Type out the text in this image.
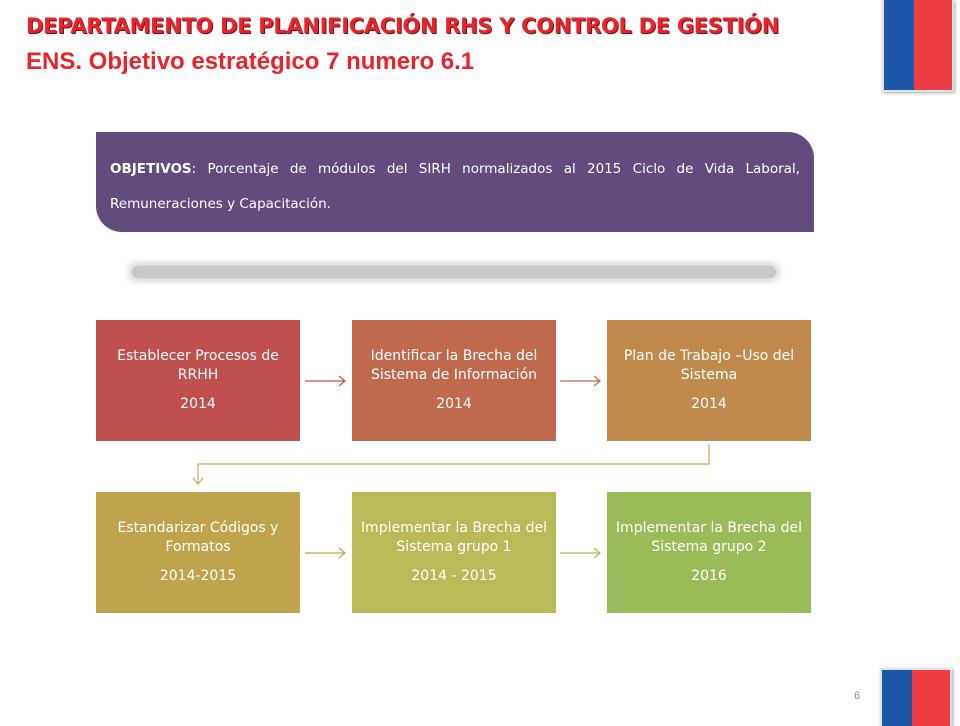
DEPARTAMENTO DE PLANIFICACIÓN RHS Y CONTROL DE GESTIÓN
ENS. Objetivo estratégico 7 numero 6.1
OBJETIVOS: Porcentaje de módulos del SIRH normalizados al 2015 Ciclo de Vida Laboral, Remuneraciones y Capacitación.
Establecer Procesos de RRHH
2014
Identificar la Brecha del Sistema de Información
2014
Plan de Trabajo –Uso del Sistema
2014
Estandarizar Códigos y Formatos
2014-2015
Implementar la Brecha del Sistema grupo 1
2014 - 2015
Implementar la Brecha del Sistema grupo 2
2016
6
